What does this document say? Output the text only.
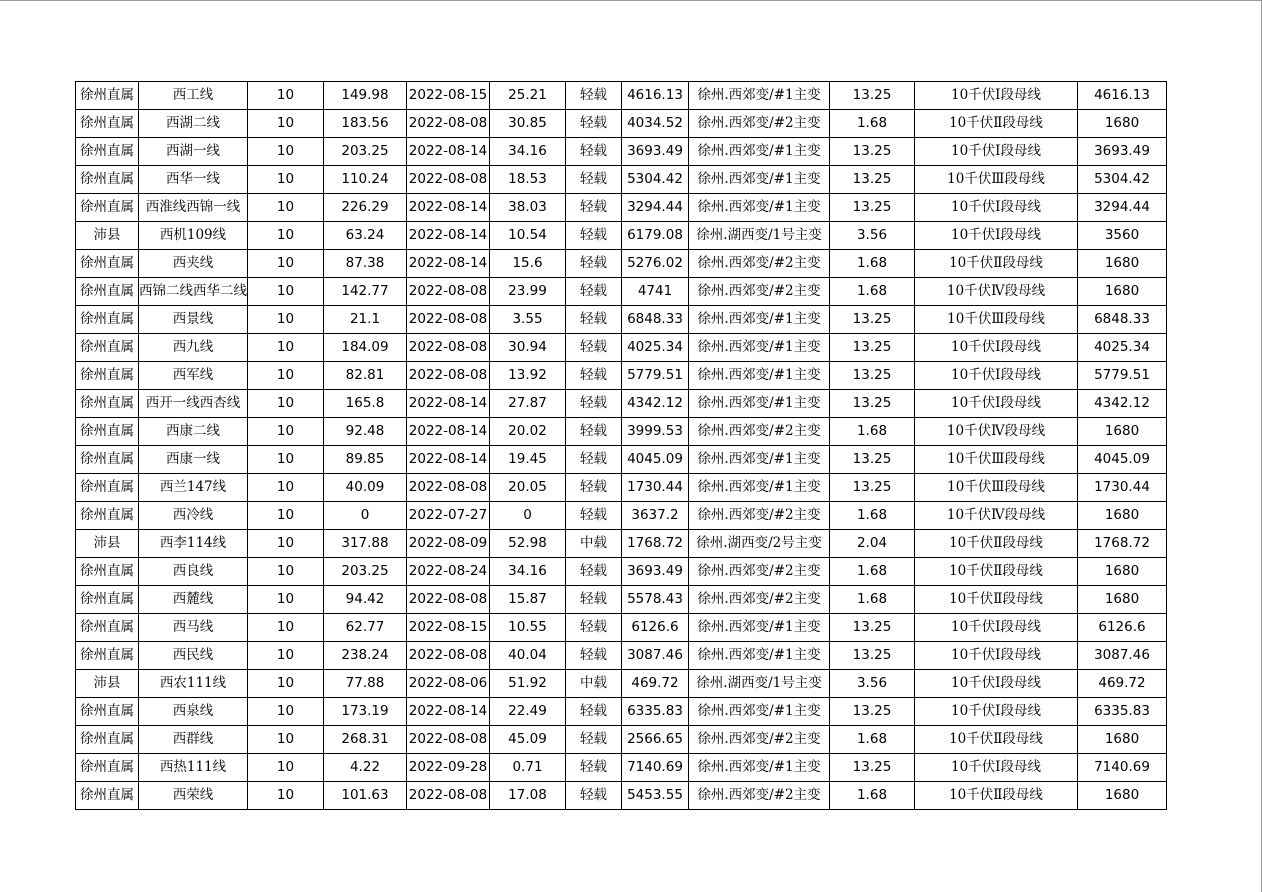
徐州直属	西工线	10	149.98	2022-08-15	25.21	轻载	4616.13	徐州.西郊变/#1主变	13.25	10千伏Ⅰ段母线	4616.13
徐州直属	西湖二线	10	183.56	2022-08-08	30.85	轻载	4034.52	徐州.西郊变/#2主变	1.68	10千伏Ⅱ段母线	1680
徐州直属	西湖一线	10	203.25	2022-08-14	34.16	轻载	3693.49	徐州.西郊变/#1主变	13.25	10千伏Ⅰ段母线	3693.49
徐州直属	西华一线	10	110.24	2022-08-08	18.53	轻载	5304.42	徐州.西郊变/#1主变	13.25	10千伏Ⅲ段母线	5304.42
徐州直属	西淮线西锦一线	10	226.29	2022-08-14	38.03	轻载	3294.44	徐州.西郊变/#1主变	13.25	10千伏Ⅰ段母线	3294.44
沛县	西机109线	10	63.24	2022-08-14	10.54	轻载	6179.08	徐州.湖西变/1号主变	3.56	10千伏Ⅰ段母线	3560
徐州直属	西夹线	10	87.38	2022-08-14	15.6	轻载	5276.02	徐州.西郊变/#2主变	1.68	10千伏Ⅱ段母线	1680
徐州直属	西锦二线西华二线	10	142.77	2022-08-08	23.99	轻载	4741	徐州.西郊变/#2主变	1.68	10千伏Ⅳ段母线	1680
徐州直属	西景线	10	21.1	2022-08-08	3.55	轻载	6848.33	徐州.西郊变/#1主变	13.25	10千伏Ⅲ段母线	6848.33
徐州直属	西九线	10	184.09	2022-08-08	30.94	轻载	4025.34	徐州.西郊变/#1主变	13.25	10千伏Ⅰ段母线	4025.34
徐州直属	西军线	10	82.81	2022-08-08	13.92	轻载	5779.51	徐州.西郊变/#1主变	13.25	10千伏Ⅰ段母线	5779.51
徐州直属	西开一线西杏线	10	165.8	2022-08-14	27.87	轻载	4342.12	徐州.西郊变/#1主变	13.25	10千伏Ⅰ段母线	4342.12
徐州直属	西康二线	10	92.48	2022-08-14	20.02	轻载	3999.53	徐州.西郊变/#2主变	1.68	10千伏Ⅳ段母线	1680
徐州直属	西康一线	10	89.85	2022-08-14	19.45	轻载	4045.09	徐州.西郊变/#1主变	13.25	10千伏Ⅲ段母线	4045.09
徐州直属	西兰147线	10	40.09	2022-08-08	20.05	轻载	1730.44	徐州.西郊变/#1主变	13.25	10千伏Ⅲ段母线	1730.44
徐州直属	西冷线	10	0	2022-07-27	0	轻载	3637.2	徐州.西郊变/#2主变	1.68	10千伏Ⅳ段母线	1680
沛县	西李114线	10	317.88	2022-08-09	52.98	中载	1768.72	徐州.湖西变/2号主变	2.04	10千伏Ⅱ段母线	1768.72
徐州直属	西良线	10	203.25	2022-08-24	34.16	轻载	3693.49	徐州.西郊变/#2主变	1.68	10千伏Ⅱ段母线	1680
徐州直属	西麓线	10	94.42	2022-08-08	15.87	轻载	5578.43	徐州.西郊变/#2主变	1.68	10千伏Ⅱ段母线	1680
徐州直属	西马线	10	62.77	2022-08-15	10.55	轻载	6126.6	徐州.西郊变/#1主变	13.25	10千伏Ⅰ段母线	6126.6
徐州直属	西民线	10	238.24	2022-08-08	40.04	轻载	3087.46	徐州.西郊变/#1主变	13.25	10千伏Ⅰ段母线	3087.46
沛县	西农111线	10	77.88	2022-08-06	51.92	中载	469.72	徐州.湖西变/1号主变	3.56	10千伏Ⅰ段母线	469.72
徐州直属	西泉线	10	173.19	2022-08-14	22.49	轻载	6335.83	徐州.西郊变/#1主变	13.25	10千伏Ⅰ段母线	6335.83
徐州直属	西群线	10	268.31	2022-08-08	45.09	轻载	2566.65	徐州.西郊变/#2主变	1.68	10千伏Ⅱ段母线	1680
徐州直属	西热111线	10	4.22	2022-09-28	0.71	轻载	7140.69	徐州.西郊变/#1主变	13.25	10千伏Ⅰ段母线	7140.69
徐州直属	西荣线	10	101.63	2022-08-08	17.08	轻载	5453.55	徐州.西郊变/#2主变	1.68	10千伏Ⅱ段母线	1680
